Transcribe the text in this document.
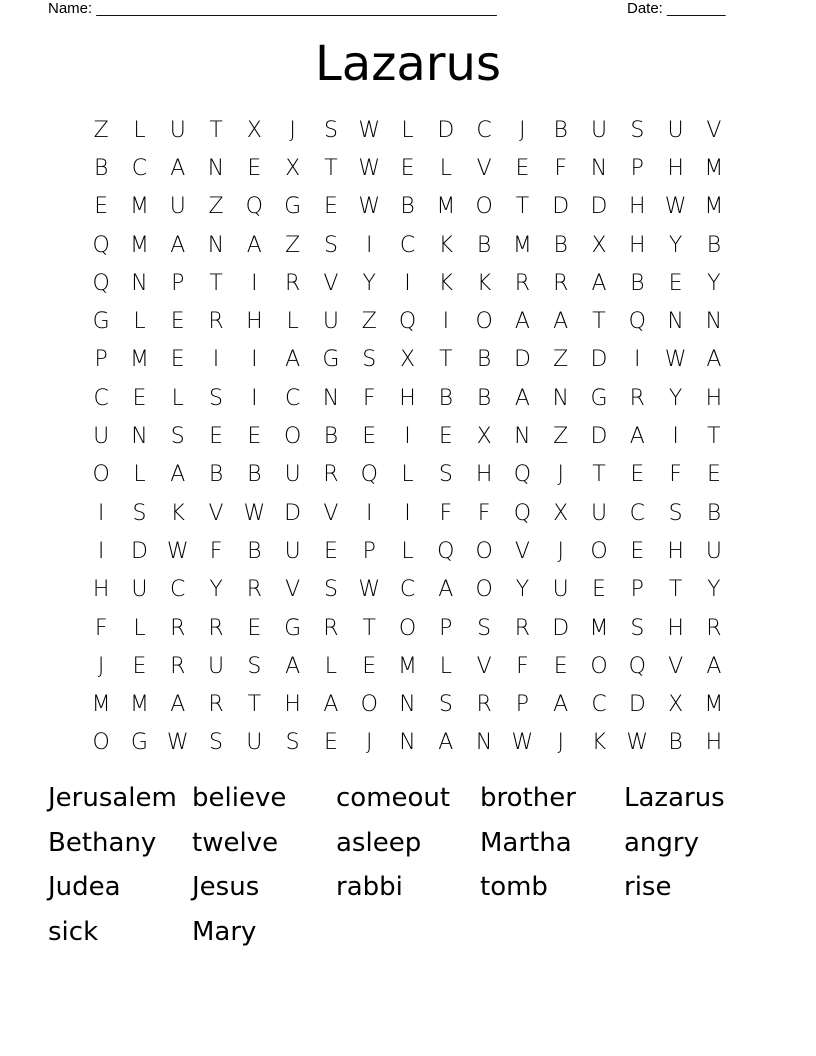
Name: ________________________________________________	Date: _______
Lazarus
Z	L	U	T	X	J	S W L	D	C	J	B	U	S	U	V
B	C	A	N	E	X	T W E	L	V	E	F	N	P	H M
E M U	Z	Q G	E W B M O	T	D D H W M
Q M A	N	A	Z	S	I	C	K	B M B	X	H	Y	B
Q N	P	T	I	R	V	Y	I	K	K	R	R	A	B	E	Y
G	L	E	R	H	L	U	Z	Q	I	O	A	A	T	Q N N
P	M E	I	I	A	G	S	X	T	B	D	Z	D	I	W A
C	E	L	S	I	C	N	F	H	B	B	A	N G	R	Y	H
U	N	S	E	E	O	B	E	I	E	X	N	Z	D	A	I	T
O	L	A	B	B	U	R Q	L	S	H Q	J	T	E	F	E
I	S	K	V W D	V	I	I	F	F	Q	X	U	C	S	B
I	D W F	B	U	E	P	L	Q O	V	J	O	E	H U
H U	C	Y	R	V	S W C	A	O	Y	U	E	P	T	Y
F	L	R	R	E	G	R	T	O	P	S	R	D M S	H	R
J	E	R	U	S	A	L	E M	L	V	F	E	O Q	V	A
M M A	R	T	H	A	O N	S	R	P	A	C	D	X M
O G W S	U	S	E	J	N	A	N W	J	K W B	H
Jerusalem believe	comeout	brother	Lazarus
Bethany	twelve	asleep	Martha	angry
Judea	Jesus	rabbi	tomb	rise
sick	Mary
